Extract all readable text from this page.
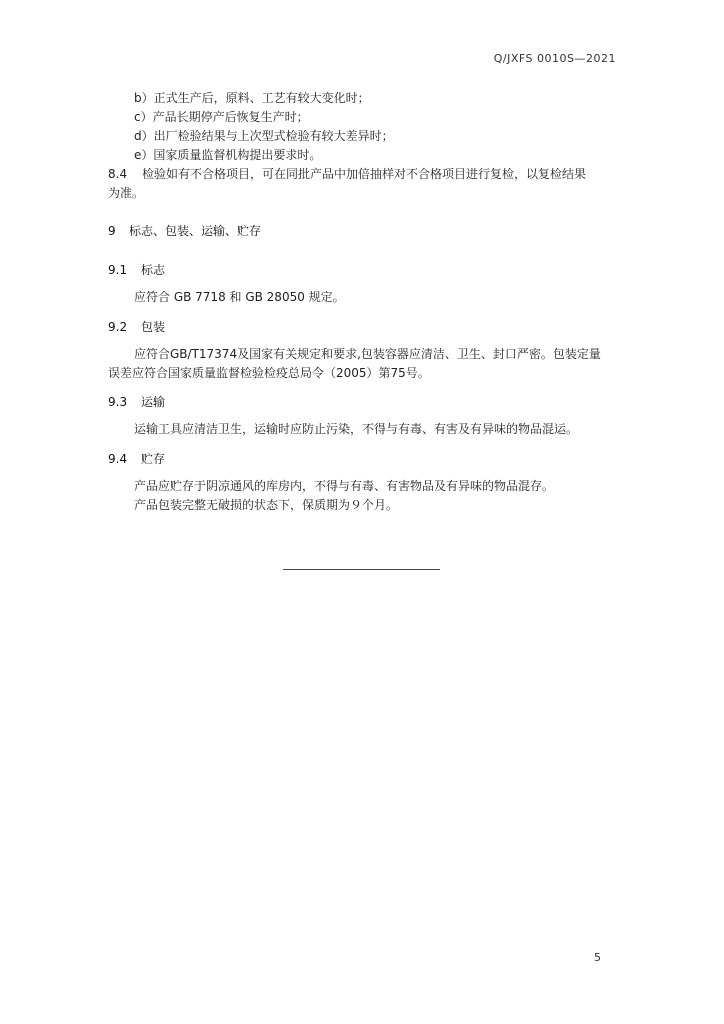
Q/JXFS 0010S—2021
b）正式生产后，原料、工艺有较大变化时；
c）产品长期停产后恢复生产时；
d）出厂检验结果与上次型式检验有较大差异时；
e）国家质量监督机构提出要求时。
8.4 检验如有不合格项目，可在同批产品中加倍抽样对不合格项目进行复检，以复检结果
为准。
9 标志、包装、运输、贮存
9.1 标志
应符合 GB 7718 和 GB 28050 规定。
9.2 包装
应符合GB/T17374及国家有关规定和要求,包装容器应清洁、卫生、封口严密。包装定量
误差应符合国家质量监督检验检疫总局令（2005）第75号。
9.3 运输
运输工具应清洁卫生，运输时应防止污染，不得与有毒、有害及有异味的物品混运。
9.4 贮存
产品应贮存于阴凉通风的库房内，不得与有毒、有害物品及有异味的物品混存。
产品包装完整无破损的状态下，保质期为９个月。
5
